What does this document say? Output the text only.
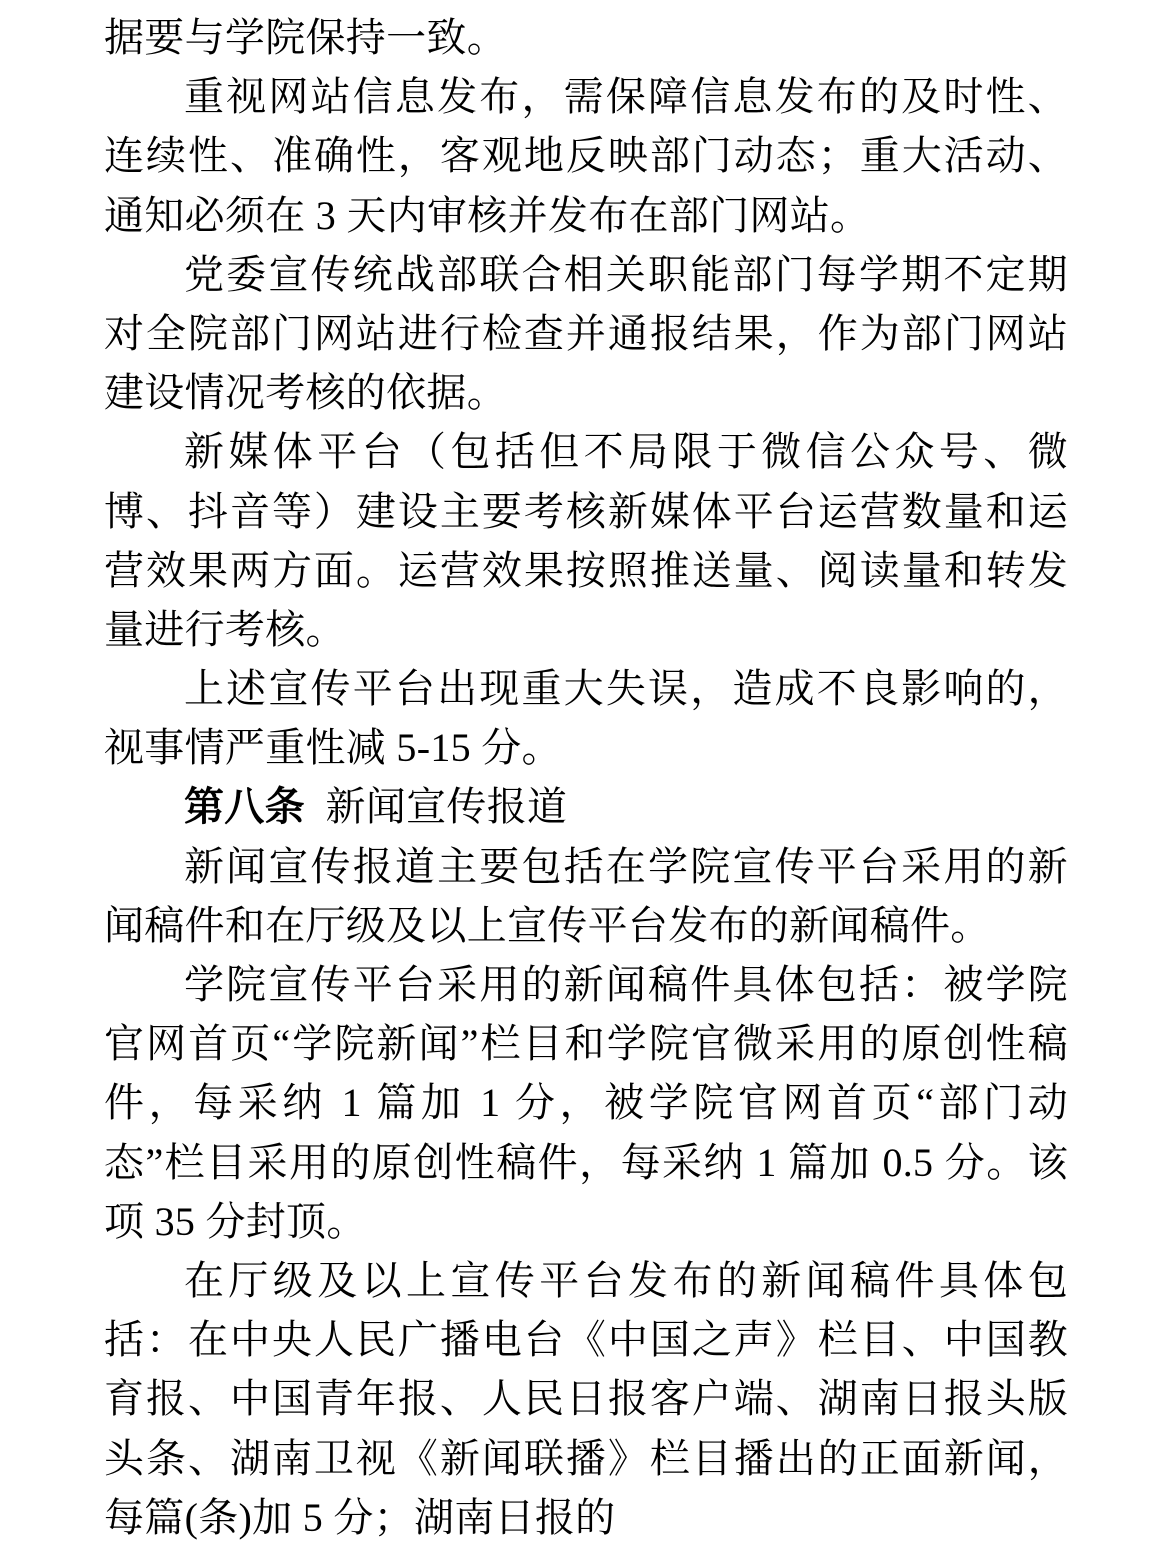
据要与学院保持一致。

重视网站信息发布，需保障信息发布的及时性、连续性、准确性，客观地反映部门动态；重大活动、通知必须在 3 天内审核并发布在部门网站。

党委宣传统战部联合相关职能部门每学期不定期对全院部门网站进行检查并通报结果，作为部门网站建设情况考核的依据。

新媒体平台（包括但不局限于微信公众号、微博、抖音等）建设主要考核新媒体平台运营数量和运营效果两方面。运营效果按照推送量、阅读量和转发量进行考核。

上述宣传平台出现重大失误，造成不良影响的，视事情严重性减 5-15 分。

第八条 新闻宣传报道

新闻宣传报道主要包括在学院宣传平台采用的新闻稿件和在厅级及以上宣传平台发布的新闻稿件。

学院宣传平台采用的新闻稿件具体包括：被学院官网首页“学院新闻”栏目和学院官微采用的原创性稿件，每采纳 1 篇加 1 分，被学院官网首页“部门动态”栏目采用的原创性稿件，每采纳 1 篇加 0.5 分。该项 35 分封顶。

在厅级及以上宣传平台发布的新闻稿件具体包括：在中央人民广播电台《中国之声》栏目、中国教育报、中国青年报、人民日报客户端、湖南日报头版头条、湖南卫视《新闻联播》栏目播出的正面新闻，每篇(条)加 5 分；湖南日报的
